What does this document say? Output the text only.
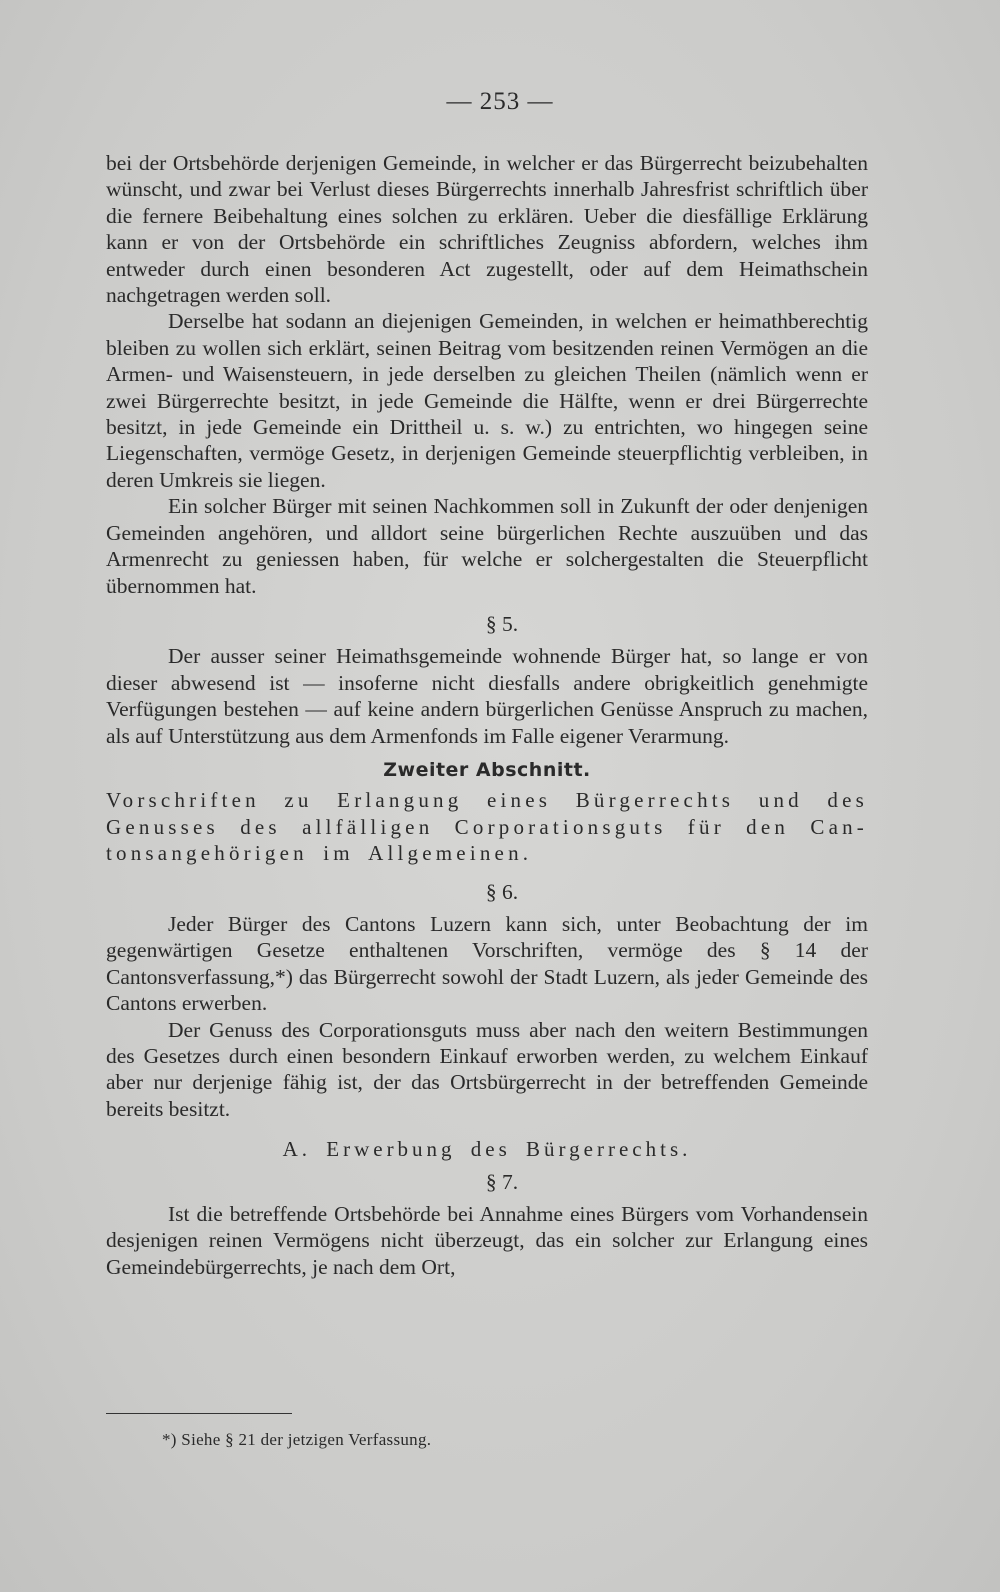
— 253 —

bei der Ortsbehörde derjenigen Gemeinde, in welcher er das Bürgerrecht beizubehalten wünscht, und zwar bei Verlust dieses Bürgerrechts innerhalb Jahresfrist schriftlich über die fernere Beibehaltung eines solchen zu erklären. Ueber die diesfällige Erklärung kann er von der Ortsbehörde ein schriftliches Zeugniss abfordern, welches ihm entweder durch einen besonderen Act zugestellt, oder auf dem Heimathschein nachgetragen werden soll.

Derselbe hat sodann an diejenigen Gemeinden, in welchen er heimathberechtig bleiben zu wollen sich erklärt, seinen Beitrag vom besitzenden reinen Vermögen an die Armen- und Waisensteuern, in jede derselben zu gleichen Theilen (nämlich wenn er zwei Bürgerrechte besitzt, in jede Gemeinde die Hälfte, wenn er drei Bürgerrechte besitzt, in jede Gemeinde ein Drittheil u. s. w.) zu entrichten, wo hingegen seine Liegenschaften, vermöge Gesetz, in derjenigen Gemeinde steuerpflichtig verbleiben, in deren Umkreis sie liegen.

Ein solcher Bürger mit seinen Nachkommen soll in Zukunft der oder denjenigen Gemeinden angehören, und alldort seine bürgerlichen Rechte auszuüben und das Armenrecht zu geniessen haben, für welche er solchergestalten die Steuerpflicht übernommen hat.

§ 5.

Der ausser seiner Heimathsgemeinde wohnende Bürger hat, so lange er von dieser abwesend ist — insoferne nicht diesfalls andere obrigkeitlich genehmigte Verfügungen bestehen — auf keine andern bürgerlichen Genüsse Anspruch zu machen, als auf Unterstützung aus dem Armenfonds im Falle eigener Verarmung.

Zweiter Abschnitt.

Vorschriften zu Erlangung eines Bürgerrechts und des

Genusses des allfälligen Corporationsguts für den Can-

tonsangehörigen im Allgemeinen.

§ 6.

Jeder Bürger des Cantons Luzern kann sich, unter Beobachtung der im gegenwärtigen Gesetze enthaltenen Vorschriften, vermöge des § 14 der Cantonsverfassung,*) das Bürgerrecht sowohl der Stadt Luzern, als jeder Gemeinde des Cantons erwerben.

Der Genuss des Corporationsguts muss aber nach den weitern Bestimmungen des Gesetzes durch einen besondern Einkauf erworben werden, zu welchem Einkauf aber nur derjenige fähig ist, der das Ortsbürgerrecht in der betreffenden Gemeinde bereits besitzt.

A. Erwerbung des Bürgerrechts.
§ 7.

Ist die betreffende Ortsbehörde bei Annahme eines Bürgers vom Vorhandensein desjenigen reinen Vermögens nicht überzeugt, das ein solcher zur Erlangung eines Gemeindebürgerrechts, je nach dem Ort,

*) Siehe § 21 der jetzigen Verfassung.
